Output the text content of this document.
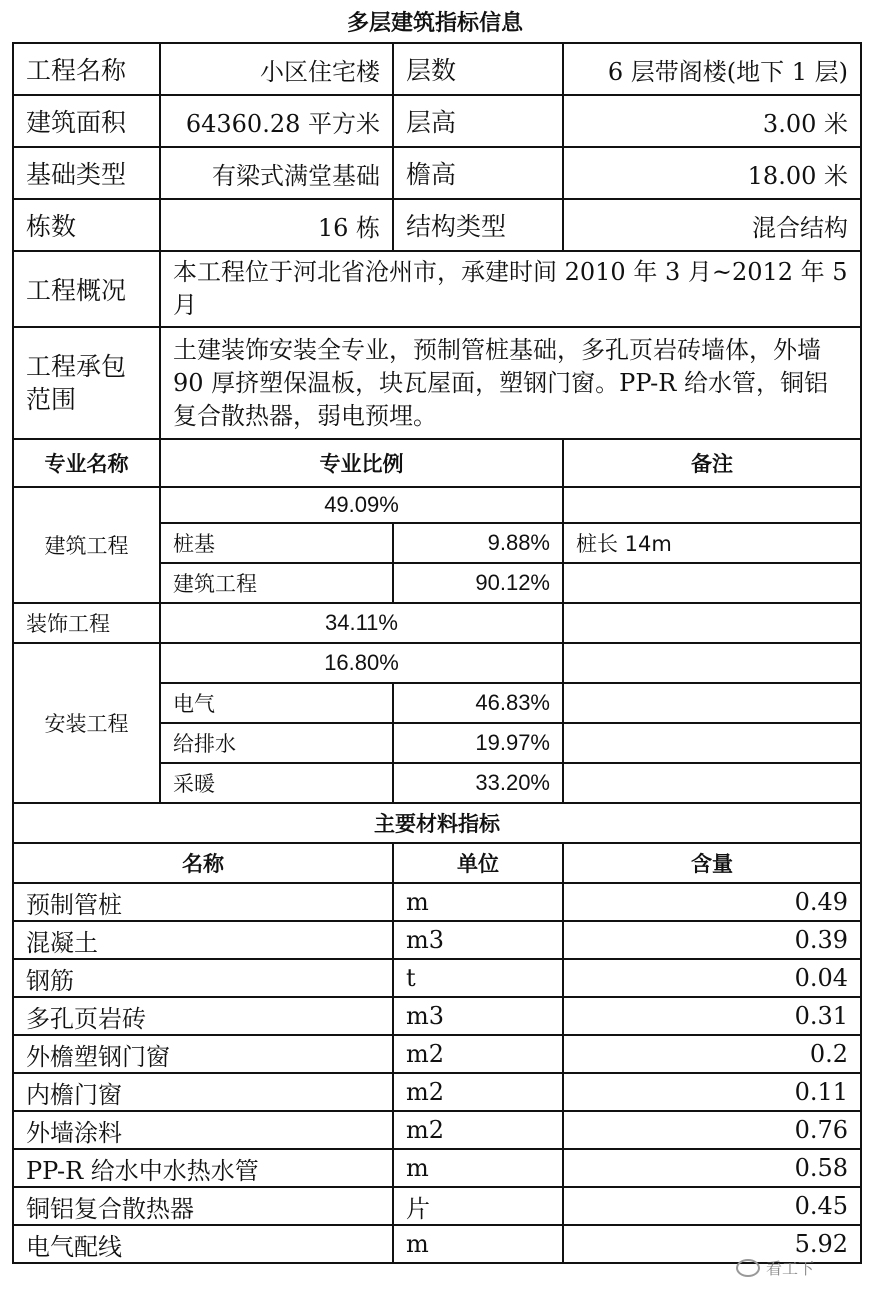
多层建筑指标信息
工程名称	小区住宅楼	层数	6 层带阁楼(地下 1 层)
建筑面积	64360.28 平方米	层高	3.00 米
基础类型	有梁式满堂基础	檐高	18.00 米
栋数	16 栋	结构类型	混合结构
工程概况	本工程位于河北省沧州市，承建时间 2010 年 3 月~2012 年 5 月		
工程承包范围	土建装饰安装全专业，预制管桩基础，多孔页岩砖墙体，外墙 90 厚挤塑保温板，块瓦屋面，塑钢门窗。PP-R 给水管，铜铝复合散热器，弱电预埋。		
专业名称	专业比例		备注
建筑工程	49.09%		
	桩基	9.88%	桩长 14m
	建筑工程	90.12%	
装饰工程	34.11%		
安装工程	16.80%		
	电气	46.83%	
	给排水	19.97%	
	采暖	33.20%	
主要材料指标			
名称		单位	含量
预制管桩		m	0.49
混凝土		m3	0.39
钢筋		t	0.04
多孔页岩砖		m3	0.31
外檐塑钢门窗		m2	0.2
内檐门窗		m2	0.11
外墙涂料		m2	0.76
PP-R 给水中水热水管		m	0.58
铜铝复合散热器		片	0.45
电气配线		m	5.92
看工下
